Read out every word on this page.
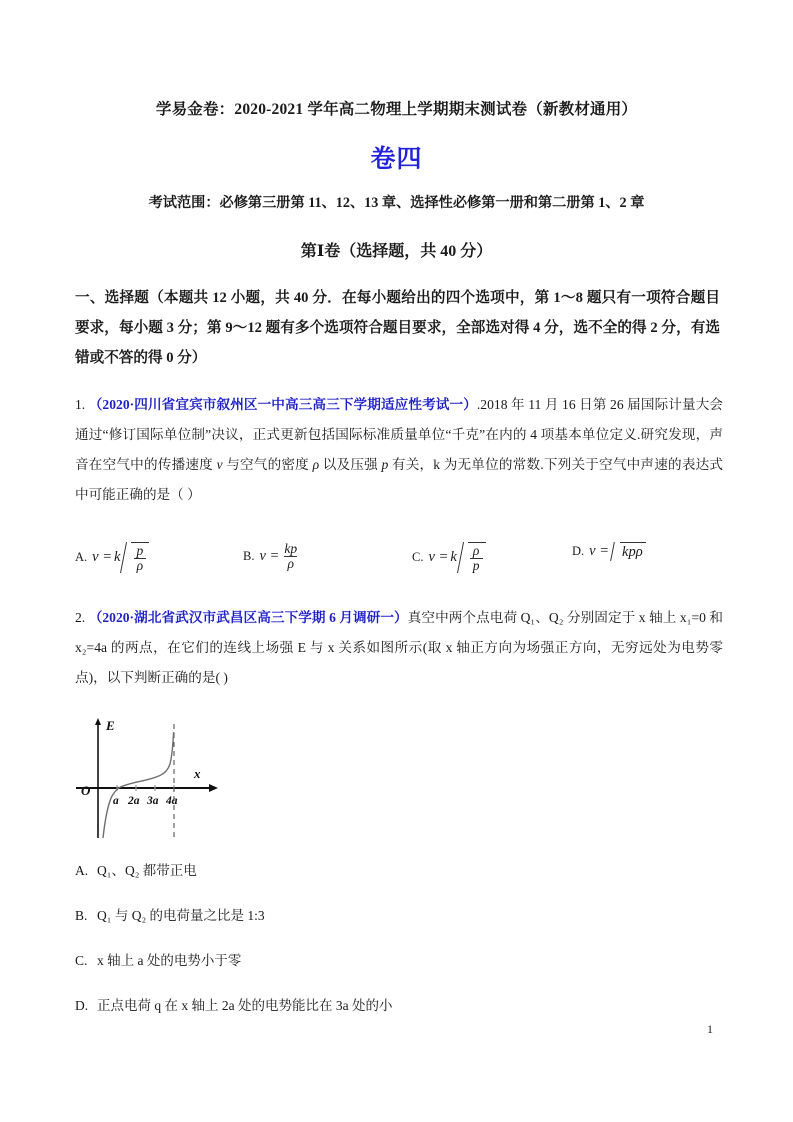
学易金卷：2020-2021 学年高二物理上学期期末测试卷（新教材通用）
卷四
考试范围：必修第三册第 11、12、13 章、选择性必修第一册和第二册第 1、2 章
第Ⅰ卷（选择题，共 40 分）
一、选择题（本题共 12 小题，共 40 分．在每小题给出的四个选项中，第 1～8 题只有一项符合题目要求，每小题 3 分；第 9～12 题有多个选项符合题目要求，全部选对得 4 分，选不全的得 2 分，有选错或不答的得 0 分）
1. （2020·四川省宜宾市叙州区一中高三高三下学期适应性考试一）.2018 年 11 月 16 日第 26 届国际计量大会通过“修订国际单位制”决议，正式更新包括国际标准质量单位“千克”在内的 4 项基本单位定义.研究发现，声音在空气中的传播速度 v 与空气的密度 ρ 以及压强 p 有关，k 为无单位的常数.下列关于空气中声速的表达式中可能正确的是（ ）
A. v = k $\frac{p}{\rho}$	B. $v = \frac{kp}{\rho}$	C. v = k $\frac{\rho}{p}$	D. v = kpρ
2. （2020·湖北省武汉市武昌区高三下学期 6 月调研一）真空中两个点电荷 Q₁、Q₂ 分别固定于 x 轴上 x₁=0 和 x₂=4a 的两点，在它们的连线上场强 E 与 x 关系如图所示(取 x 轴正方向为场强正方向，无穷远处为电势零点)，以下判断正确的是( )
E
x
O
a 2a 3a 4a
A. Q₁、Q₂ 都带正电
B. Q₁ 与 Q₂ 的电荷量之比是 1:3
C. x 轴上 a 处的电势小于零
D. 正点电荷 q 在 x 轴上 2a 处的电势能比在 3a 处的小
1
